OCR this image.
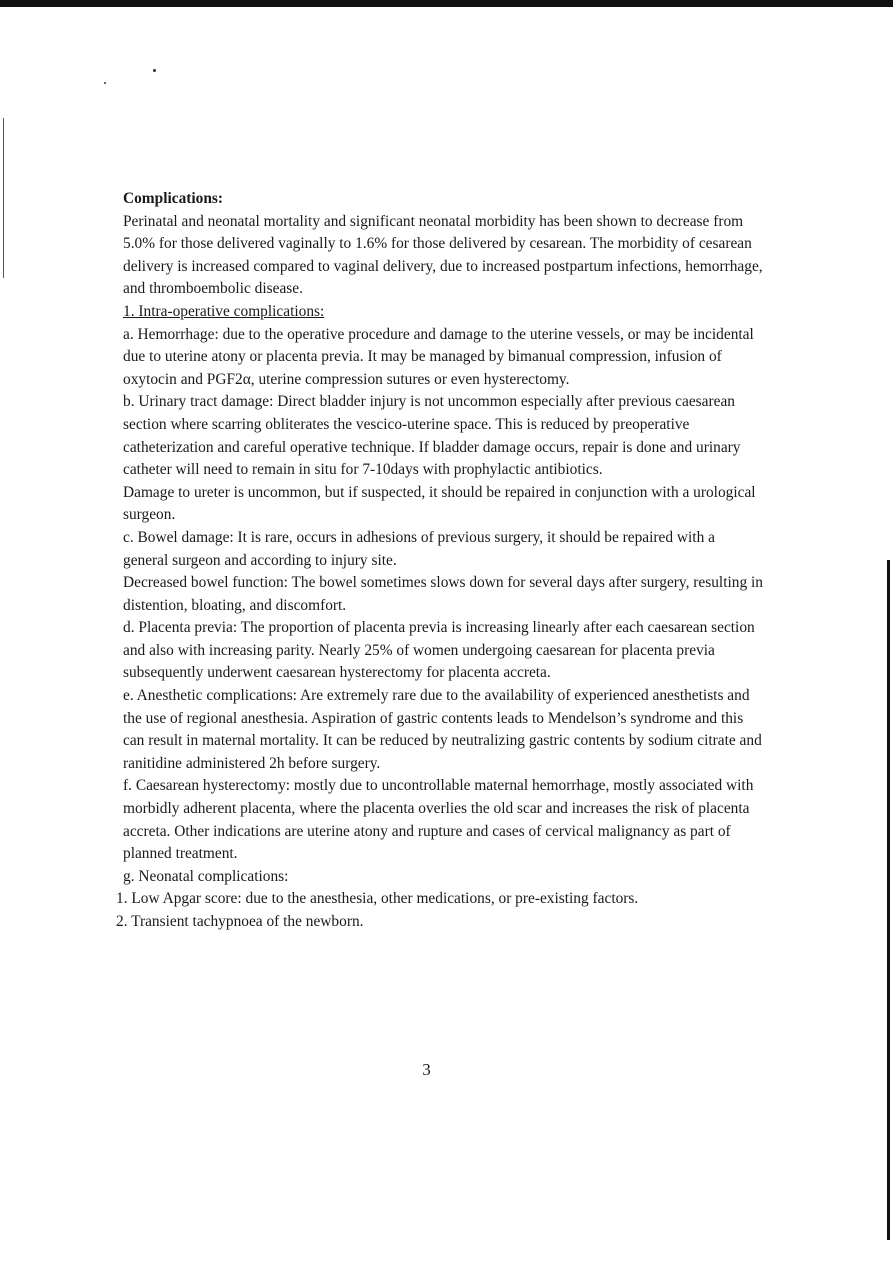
Complications:

Perinatal and neonatal mortality and significant neonatal morbidity has been shown to decrease from 5.0% for those delivered vaginally to 1.6% for those delivered by cesarean. The morbidity of cesarean delivery is increased compared to vaginal delivery, due to increased postpartum infections, hemorrhage, and thromboembolic disease.

1. Intra-operative complications:

a. Hemorrhage: due to the operative procedure and damage to the uterine vessels, or may be incidental due to uterine atony or placenta previa. It may be managed by bimanual compression, infusion of oxytocin and PGF2α, uterine compression sutures or even hysterectomy.

b. Urinary tract damage: Direct bladder injury is not uncommon especially after previous caesarean section where scarring obliterates the vescico-uterine space. This is reduced by preoperative catheterization and careful operative technique. If bladder damage occurs, repair is done and urinary catheter will need to remain in situ for 7-10days with prophylactic antibiotics.

Damage to ureter is uncommon, but if suspected, it should be repaired in conjunction with a urological surgeon.

c. Bowel damage: It is rare, occurs in adhesions of previous surgery, it should be repaired with a general surgeon and according to injury site.

Decreased bowel function: The bowel sometimes slows down for several days after surgery, resulting in distention, bloating, and discomfort.

d. Placenta previa: The proportion of placenta previa is increasing linearly after each caesarean section and also with increasing parity. Nearly 25% of women undergoing caesarean for placenta previa subsequently underwent caesarean hysterectomy for placenta accreta.

e. Anesthetic complications: Are extremely rare due to the availability of experienced anesthetists and the use of regional anesthesia. Aspiration of gastric contents leads to Mendelson’s syndrome and this can result in maternal mortality. It can be reduced by neutralizing gastric contents by sodium citrate and ranitidine administered 2h before surgery.

f. Caesarean hysterectomy: mostly due to uncontrollable maternal hemorrhage, mostly associated with morbidly adherent placenta, where the placenta overlies the old scar and increases the risk of placenta accreta. Other indications are uterine atony and rupture and cases of cervical malignancy as part of planned treatment.

g. Neonatal complications:

1. Low Apgar score: due to the anesthesia, other medications, or pre-existing factors.

2. Transient tachypnoea of the newborn.

3
